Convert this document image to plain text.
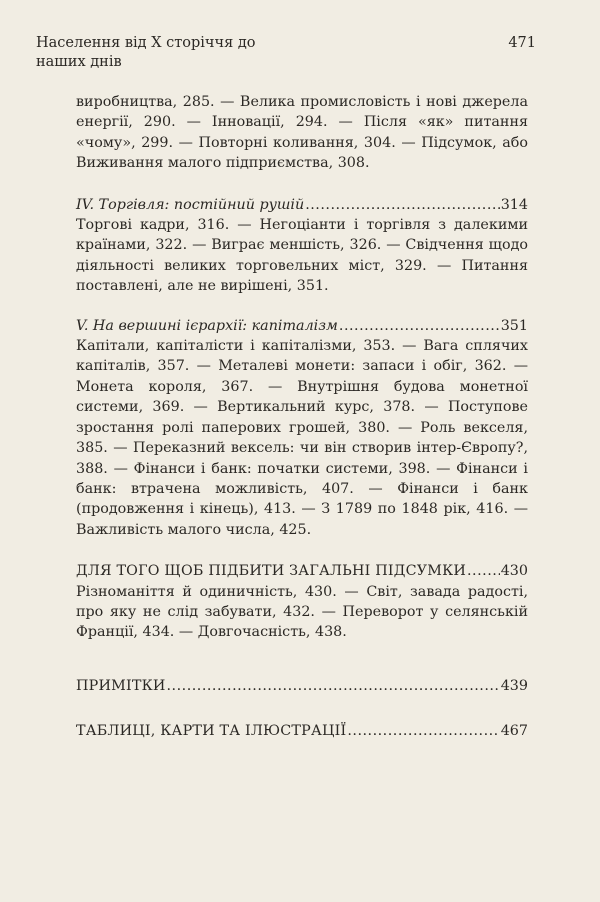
Населення від Х сторіччя до наших днів
471

виробництва, 285. — Велика промисловість і нові джерела енергії, 290. — Інновації, 294. — Після «як» питання «чому», 299. — Повторні коливання, 304. — Підсумок, або Виживання малого підприємства, 308.

IV. Торгівля: постійний рушій .....	314

Торгові кадри, 316. — Негоціанти і торгівля з далекими країнами, 322. — Виграє меншість, 326. — Свідчення щодо діяльності великих торговельних міст, 329. — Питання поставлені, але не вирішені, 351.

V. На вершині ієрархії: капіталізм .....	351

Капітали, капіталісти і капіталізми, 353. — Вага сплячих капіталів, 357. — Металеві монети: запаси і обіг, 362. — Монета короля, 367. — Внутрішня будова монетної системи, 369. — Вертикальний курс, 378. — Поступове зростання ролі паперових грошей, 380. — Роль векселя, 385. — Переказний вексель: чи він створив інтер-Європу?, 388. — Фінанси і банк: початки системи, 398. — Фінанси і банк: втрачена можливість, 407. — Фінанси і банк (продовження і кінець), 413. — З 1789 по 1848 рік, 416. — Важливість малого числа, 425.

ДЛЯ ТОГО ЩОБ ПІДБИТИ ЗАГАЛЬНІ ПІДСУМКИ ..... 430

Різноманіття й одиничність, 430. — Світ, завада радості, про яку не слід забувати, 432. — Переворот у селянській Франції, 434. — Довгочасність, 438.

ПРИМІТКИ .....	439
ТАБЛИЦІ, КАРТИ ТА ІЛЮСТРАЦІЇ .....	467
